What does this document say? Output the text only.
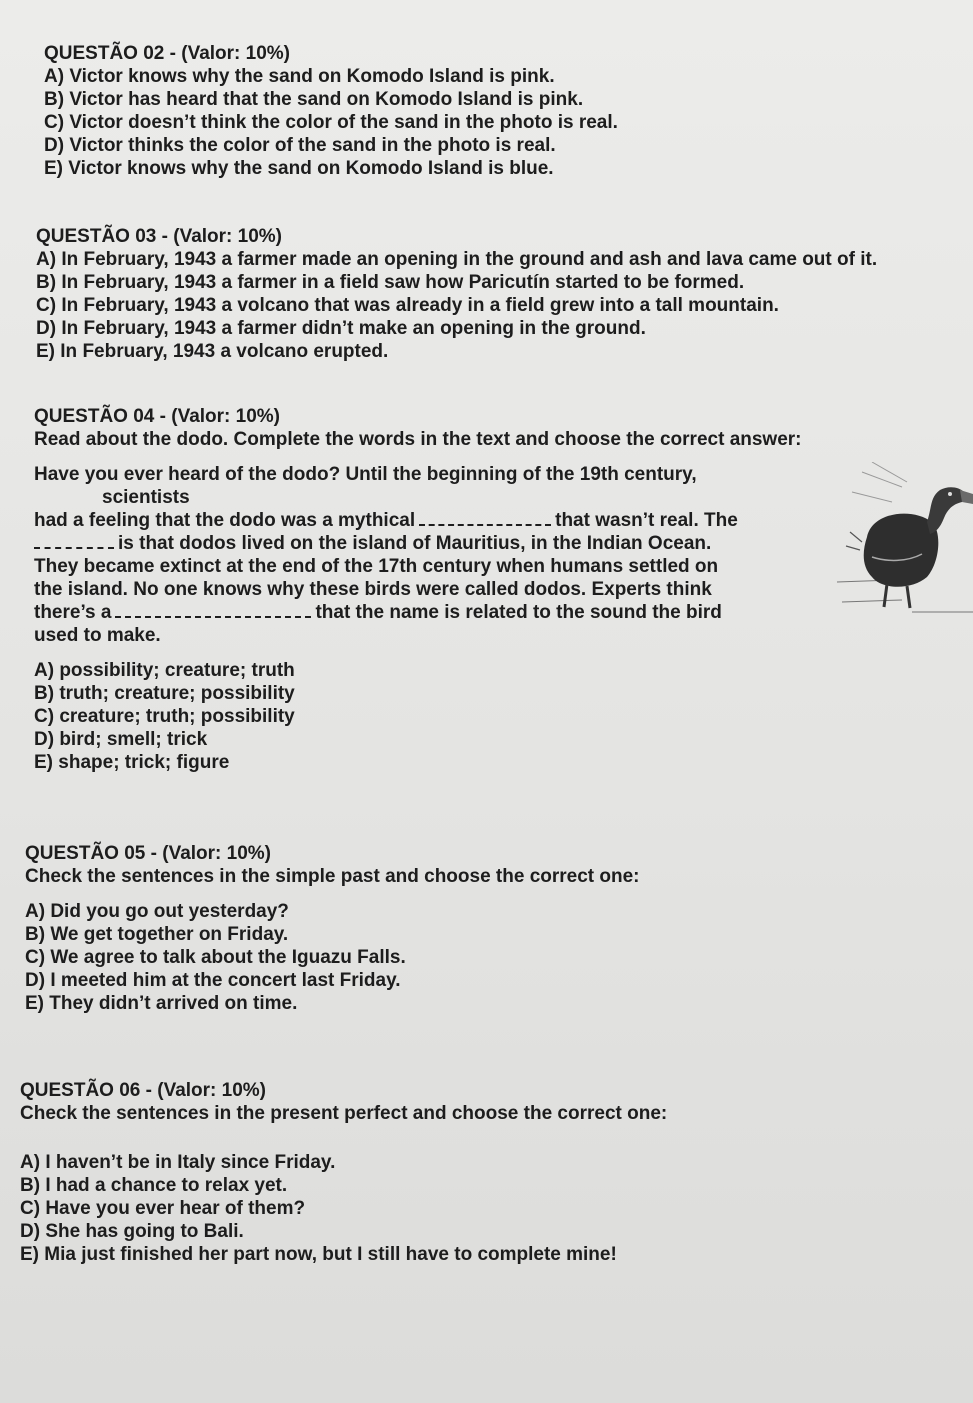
QUESTÃO 02 - (Valor: 10%)

A) Victor knows why the sand on Komodo Island is pink.

B) Victor has heard that the sand on Komodo Island is pink.

C) Victor doesn’t think the color of the sand in the photo is real.

D) Victor thinks the color of the sand in the photo is real.

E) Victor knows why the sand on Komodo Island is blue.

QUESTÃO 03 - (Valor: 10%)

A) In February, 1943 a farmer made an opening in the ground and ash and lava came out of it.

B) In February, 1943 a farmer in a field saw how Paricutín started to be formed.

C) In February, 1943 a volcano that was already in a field grew into a tall mountain.

D) In February, 1943 a farmer didn’t make an opening in the ground.

E) In February, 1943 a volcano erupted.

QUESTÃO 04 - (Valor: 10%)

Read about the dodo. Complete the words in the text and choose the correct answer:

Have you ever heard of the dodo? Until the beginning of the 19th century,

scientists

had a feeling that the dodo was a mythical	that wasn’t real. The

is that dodos lived on the island of Mauritius, in the Indian Ocean.

They became extinct at the end of the 17th century when humans settled on

the island. No one knows why these birds were called dodos. Experts think

there’s a	that the name is related to the sound the bird

used to make.

A) possibility; creature; truth

B) truth; creature; possibility

C) creature; truth; possibility

D) bird; smell; trick

E) shape; trick; figure

QUESTÃO 05 - (Valor: 10%)

Check the sentences in the simple past and choose the correct one:

A) Did you go out yesterday?

B) We get together on Friday.

C) We agree to talk about the Iguazu Falls.

D) I meeted him at the concert last Friday.

E) They didn’t arrived on time.

QUESTÃO 06 - (Valor: 10%)

Check the sentences in the present perfect and choose the correct one:

A) I haven’t be in Italy since Friday.

B) I had a chance to relax yet.

C) Have you ever hear of them?

D) She has going to Bali.

E) Mia just finished her part now, but I still have to complete mine!
